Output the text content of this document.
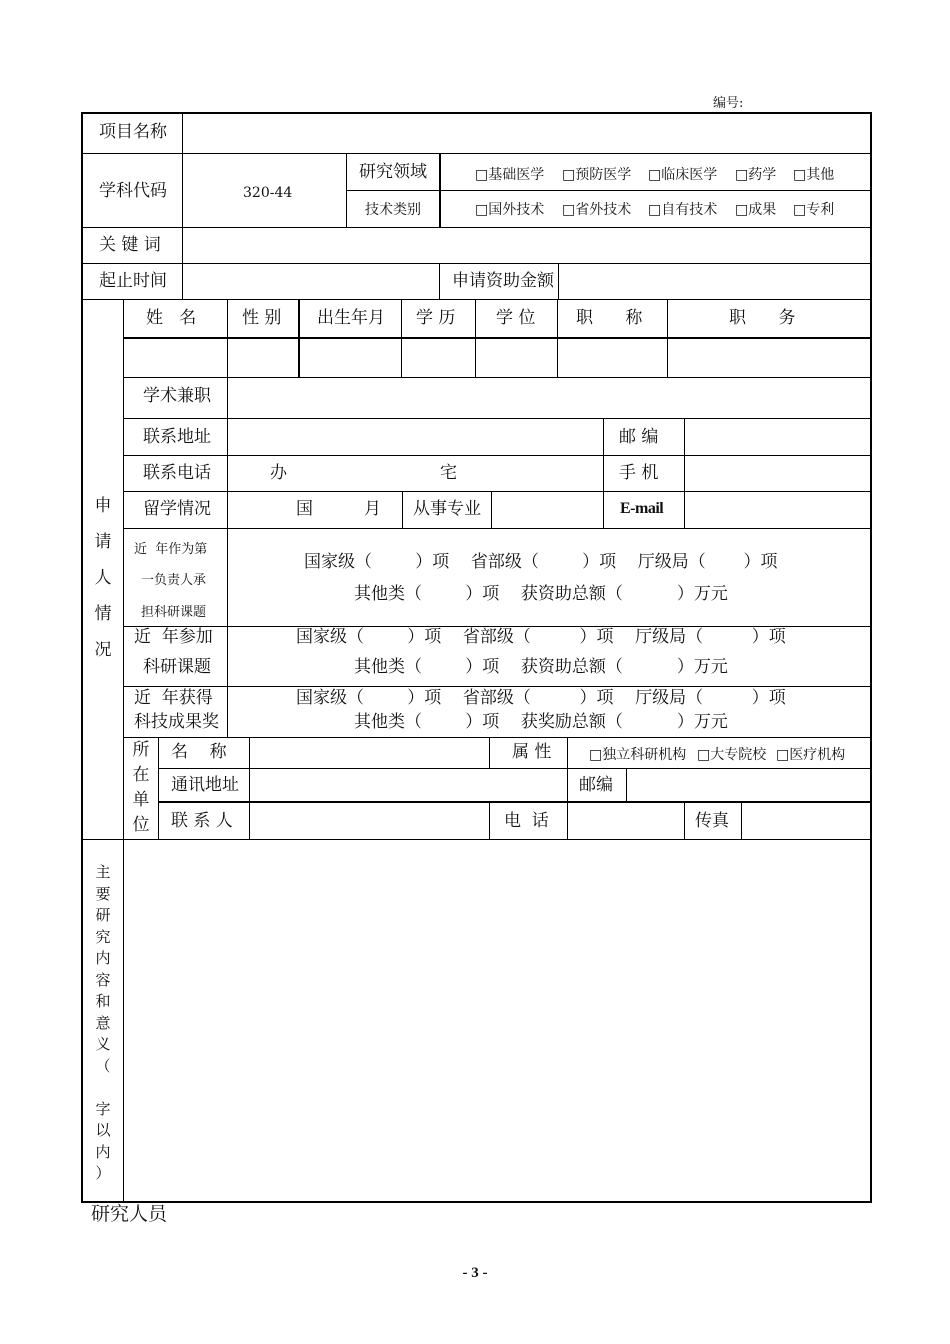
编号:
项目名称
学科代码	320-44
研究领域	□基础医学 □预防医学 □临床医学 □药学 □其他
技术类别	□国外技术 □省外技术 □自有技术 □成果 □专利
关 键 词
起止时间	申请资助金额
申
请
人
情
况
姓   名	性 别 出生年月 学 历 学 位 职      称	职      务
学术兼职
联系地址	邮 编
联系电话	办	宅	手 机
留学情况	国	月 从事专业	E-mail
近  年作为第
一负责人承
担科研课题
国家级（        ）项    省部级（        ）项    厅级局（       ）项
其他类（        ）项    获资助总额（          ）万元
近  年参加
科研课题
国家级（        ）项    省部级（         ）项    厅级局（         ）项
其他类（        ）项    获资助总额（          ）万元
近  年获得
科技成果奖
国家级（        ）项    省部级（         ）项    厅级局（         ）项
其他类（        ）项    获奖励总额（          ）万元
所
在
单
位
名    称	属 性	□独立科研机构 □大专院校 □医疗机构
通讯地址	邮编
联 系 人	电  话	传真
主
要
研
究
内
容
和
意
义
（
字
以
内
）
研究人员
- 3 -
